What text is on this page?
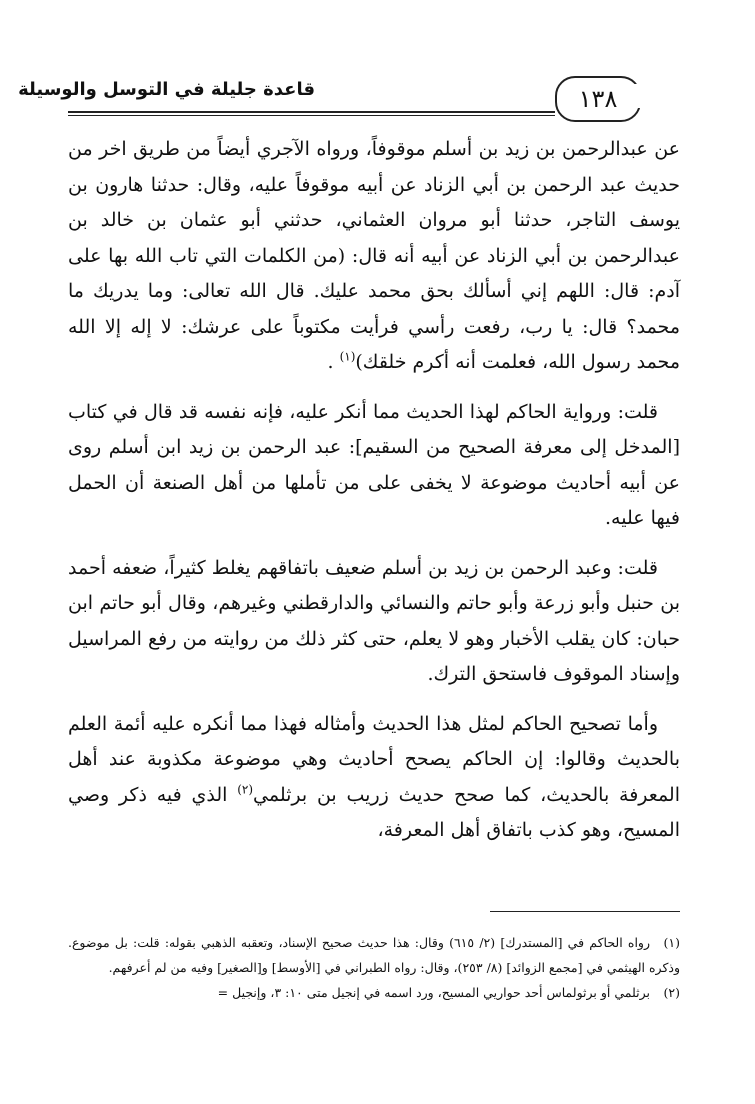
قاعدة جليلة في التوسل والوسيلة	١٣٨

عن عبدالرحمن بن زيد بن أسلم موقوفاً، ورواه الآجري أيضاً من طريق اخر من حديث عبد الرحمن بن أبي الزناد عن أبيه موقوفاً عليه، وقال: حدثنا هارون بن يوسف التاجر، حدثنا أبو مروان العثماني، حدثني أبو عثمان بن خالد بن عبدالرحمن بن أبي الزناد عن أبيه أنه قال: (من الكلمات التي تاب الله بها على آدم: قال: اللهم إني أسألك بحق محمد عليك. قال الله تعالى: وما يدريك ما محمد؟ قال: يا رب، رفعت رأسي فرأيت مكتوباً على عرشك: لا إله إلا الله محمد رسول الله، فعلمت أنه أكرم خلقك)$^{(١)}$ .

قلت: ورواية الحاكم لهذا الحديث مما أنكر عليه، فإنه نفسه قد قال في كتاب [المدخل إلى معرفة الصحيح من السقيم]: عبد الرحمن بن زيد ابن أسلم روى عن أبيه أحاديث موضوعة لا يخفى على من تأملها من أهل الصنعة أن الحمل فيها عليه.

قلت: وعبد الرحمن بن زيد بن أسلم ضعيف باتفاقهم يغلط كثيراً، ضعفه أحمد بن حنبل وأبو زرعة وأبو حاتم والنسائي والدارقطني وغيرهم، وقال أبو حاتم ابن حبان: كان يقلب الأخبار وهو لا يعلم، حتى كثر ذلك من روايته من رفع المراسيل وإسناد الموقوف فاستحق الترك.

وأما تصحيح الحاكم لمثل هذا الحديث وأمثاله فهذا مما أنكره عليه أئمة العلم بالحديث وقالوا: إن الحاكم يصحح أحاديث وهي موضوعة مكذوبة عند أهل المعرفة بالحديث، كما صحح حديث زريب بن برثلمي$^{(٢)}$ الذي فيه ذكر وصي المسيح، وهو كذب باتفاق أهل المعرفة،

(١)رواه الحاكم في [المستدرك] (٢/ ٦١٥) وقال: هذا حديث صحيح الإسناد، وتعقبه الذهبي بقوله: قلت: بل موضوع. وذكره الهيثمي في [مجمع الزوائد] (٨/ ٢٥٣)، وقال: رواه الطبراني في [الأوسط] و[الصغير] وفيه من لم أعرفهم.

(٢)برثلمي أو برثولماس أحد حواريي المسيح، ورد اسمه في إنجيل متى ١٠: ٣، وإنجيل =
